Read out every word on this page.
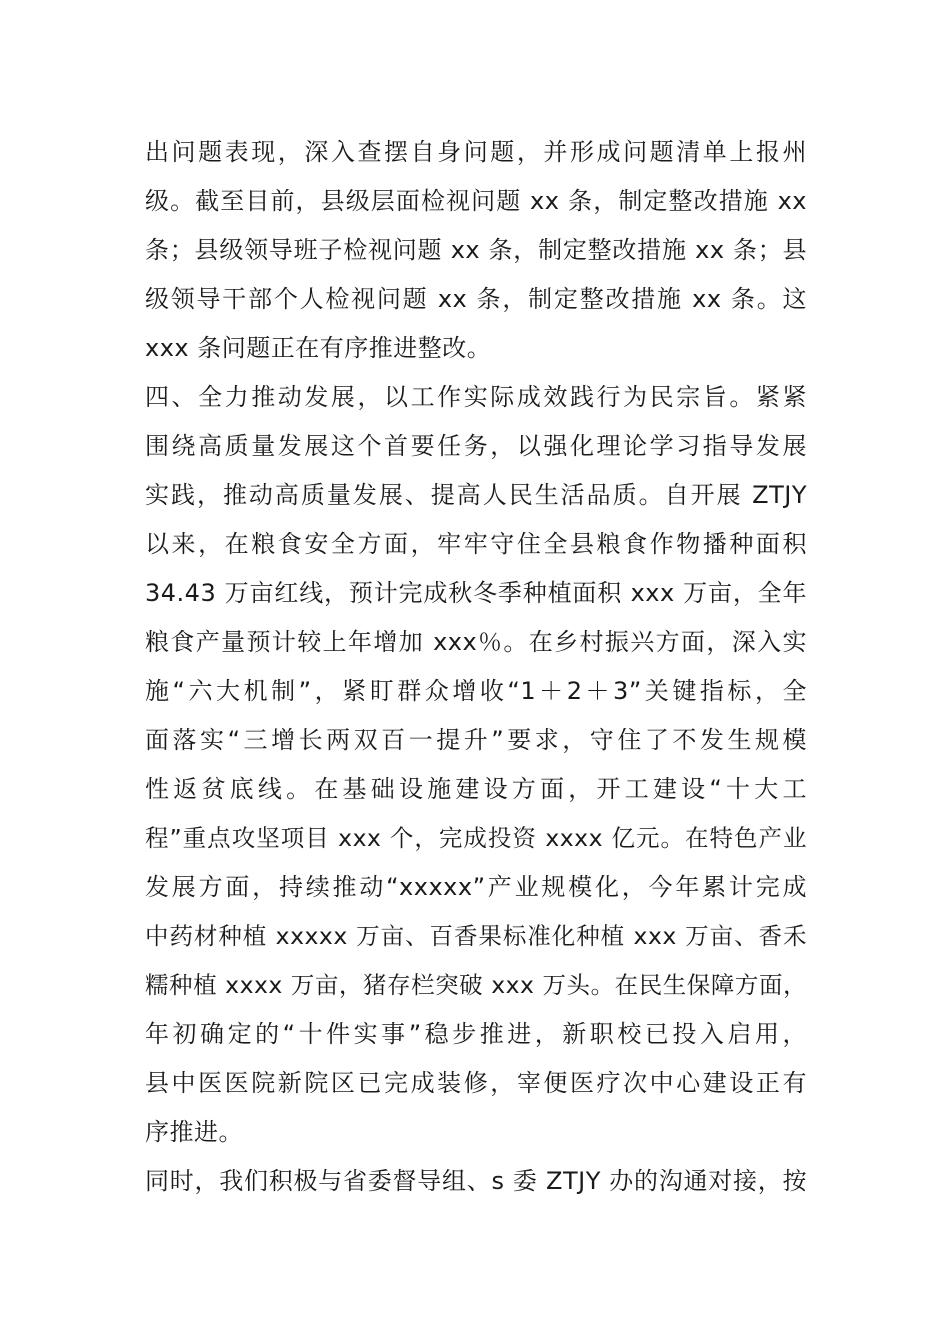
出问题表现，深入查摆自身问题，并形成问题清单上报州
级。截至目前，县级层面检视问题 xx 条，制定整改措施 xx
条；县级领导班子检视问题 xx 条，制定整改措施 xx 条；县
级领导干部个人检视问题 xx 条，制定整改措施 xx 条。这
xxx 条问题正在有序推进整改。
四、全力推动发展，以工作实际成效践行为民宗旨。紧紧
围绕高质量发展这个首要任务，以强化理论学习指导发展
实践，推动高质量发展、提高人民生活品质。自开展 ZTJY
以来，在粮食安全方面，牢牢守住全县粮食作物播种面积
34.43 万亩红线，预计完成秋冬季种植面积 xxx 万亩，全年
粮食产量预计较上年增加 xxx％。在乡村振兴方面，深入实
施“六大机制”，紧盯群众增收“1＋2＋3”关键指标，全
面落实“三增长两双百一提升”要求，守住了不发生规模
性返贫底线。在基础设施建设方面，开工建设“十大工
程”重点攻坚项目 xxx 个，完成投资 xxxx 亿元。在特色产业
发展方面，持续推动“xxxxx”产业规模化，今年累计完成
中药材种植 xxxxx 万亩、百香果标准化种植 xxx 万亩、香禾
糯种植 xxxx 万亩，猪存栏突破 xxx 万头。在民生保障方面，
年初确定的“十件实事”稳步推进，新职校已投入启用，
县中医医院新院区已完成装修，宰便医疗次中心建设正有
序推进。
同时，我们积极与省委督导组、s 委 ZTJY 办的沟通对接，按
